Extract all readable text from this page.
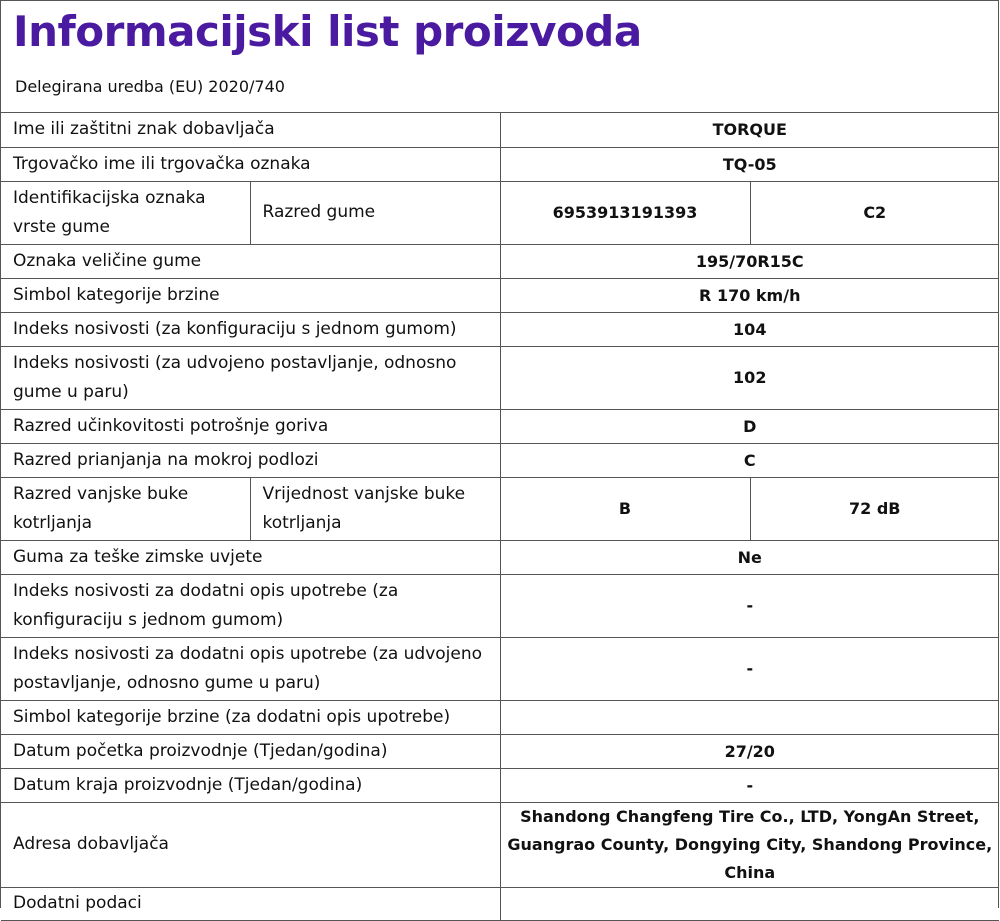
Informacijski list proizvoda
Delegirana uredba (EU) 2020/740
Ime ili zaštitni znak dobavljača		TORQUE	
Trgovačko ime ili trgovačka oznaka		TQ-05	
Identifikacijska oznaka vrste gume	Razred gume	6953913191393	C2
Oznaka veličine gume		195/70R15C	
Simbol kategorije brzine		R 170 km/h	
Indeks nosivosti (za konfiguraciju s jednom gumom)		104	
Indeks nosivosti (za udvojeno postavljanje, odnosno gume u paru)		102	
Razred učinkovitosti potrošnje goriva		D	
Razred prianjanja na mokroj podlozi		C	
Razred vanjske buke kotrljanja	Vrijednost vanjske buke kotrljanja	B	72 dB
Guma za teške zimske uvjete		Ne	
Indeks nosivosti za dodatni opis upotrebe (za konfiguraciju s jednom gumom)		-	
Indeks nosivosti za dodatni opis upotrebe (za udvojeno postavljanje, odnosno gume u paru)		-	
Simbol kategorije brzine (za dodatni opis upotrebe)			
Datum početka proizvodnje (Tjedan/godina)		27/20	
Datum kraja proizvodnje (Tjedan/godina)		-	
Adresa dobavljača		Shandong Changfeng Tire Co., LTD, YongAn Street, Guangrao County, Dongying City, Shandong Province, China	
Dodatni podaci			
